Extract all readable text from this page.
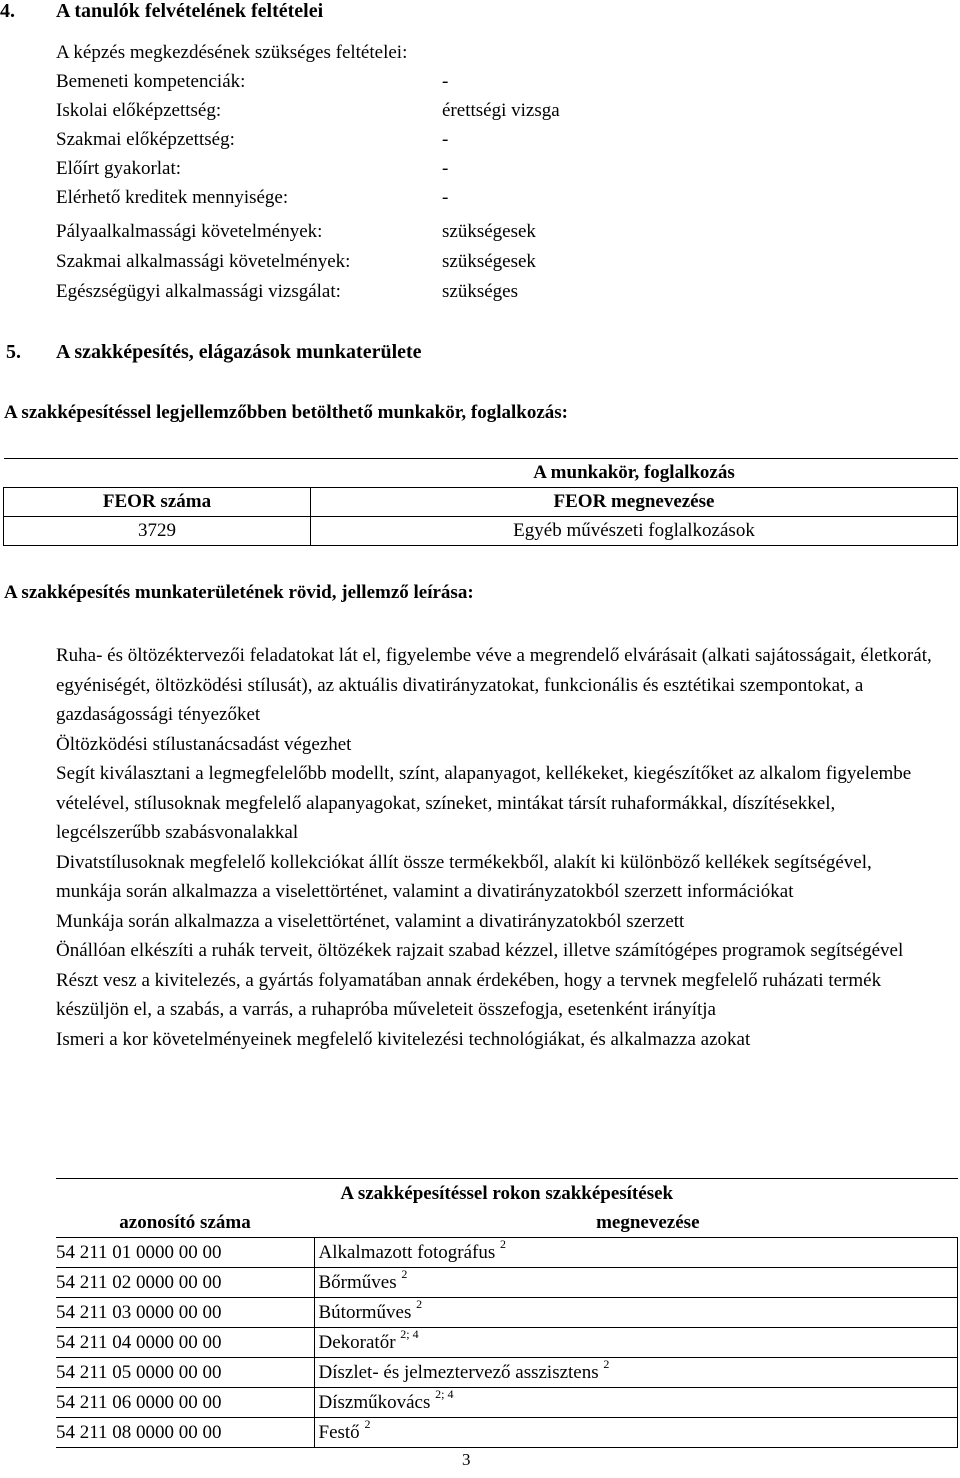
4. A tanulók felvételének feltételei
A képzés megkezdésének szükséges feltételei:
Bemeneti kompetenciák:	-
Iskolai előképzettség:	érettségi vizsga
Szakmai előképzettség:	-
Előírt gyakorlat:	-
Elérhető kreditek mennyisége:	-
Pályaalkalmassági követelmények:	szükségesek
Szakmai alkalmassági követelmények:	szükségesek
Egészségügyi alkalmassági vizsgálat:	szükséges
5. A szakképesítés, elágazások munkaterülete
A szakképesítéssel legjellemzőbben betölthető munkakör, foglalkozás:
	A munkakör, foglalkozás
FEOR száma	FEOR megnevezése
3729	Egyéb művészeti foglalkozások
A szakképesítés munkaterületének rövid, jellemző leírása:

Ruha- és öltözéktervezői feladatokat lát el, figyelembe véve a megrendelő elvárásait (alkati sajátosságait, életkorát, egyéniségét, öltözködési stílusát), az aktuális divatirányzatokat, funkcionális és esztétikai szempontokat, a gazdaságossági tényezőket

Öltözködési stílustanácsadást végezhet

Segít kiválasztani a legmegfelelőbb modellt, színt, alapanyagot, kellékeket, kiegészítőket az alkalom figyelembe vételével, stílusoknak megfelelő alapanyagokat, színeket, mintákat társít ruhaformákkal, díszítésekkel, legcélszerűbb szabásvonalakkal

Divatstílusoknak megfelelő kollekciókat állít össze termékekből, alakít ki különböző kellékek segítségével, munkája során alkalmazza a viselettörténet, valamint a divatirányzatokból szerzett információkat

Munkája során alkalmazza a viselettörténet, valamint a divatirányzatokból szerzett

Önállóan elkészíti a ruhák terveit, öltözékek rajzait szabad kézzel, illetve számítógépes programok segítségével

Részt vesz a kivitelezés, a gyártás folyamatában annak érdekében, hogy a tervnek megfelelő ruházati termék készüljön el, a szabás, a varrás, a ruhapróba műveleteit összefogja, esetenként irányítja

Ismeri a kor követelményeinek megfelelő kivitelezési technológiákat, és alkalmazza azokat

A szakképesítéssel rokon szakképesítések	
azonosító száma	megnevezése
54 211 01 0000 00 00	Alkalmazott fotográfus $^2$
54 211 02 0000 00 00	Bőrműves $^2$
54 211 03 0000 00 00	Bútorműves $^2$
54 211 04 0000 00 00	Dekoratőr $^{2; 4}$
54 211 05 0000 00 00	Díszlet- és jelmeztervező asszisztens $^2$
54 211 06 0000 00 00	Díszműkovács $^{2; 4}$
54 211 08 0000 00 00	Festő $^2$
3
